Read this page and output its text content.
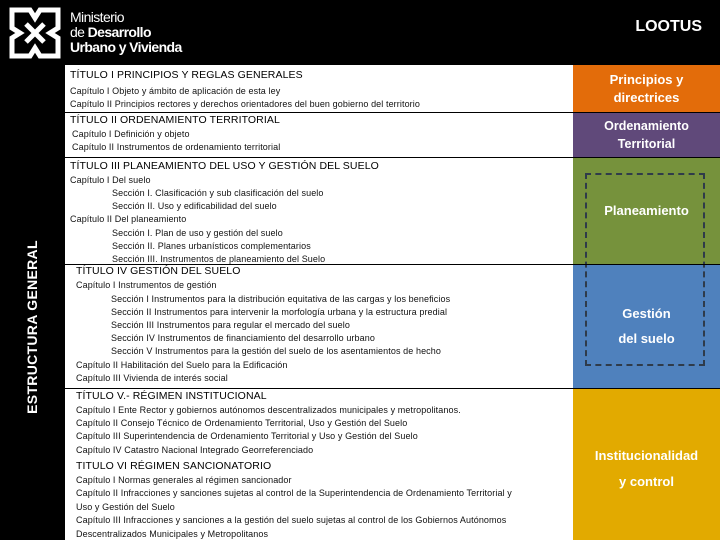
Ministerio
de Desarrollo
Urbano y Vivienda
LOOTUS
ESTRUCTURA GENERAL
Principios y
directrices
Ordenamiento
Territorial
Planeamiento
Gestión
del suelo
Institucionalidad
y control
TÍTULO I PRINCIPIOS Y REGLAS GENERALES
Capítulo I Objeto y ámbito de aplicación de esta ley
Capítulo II Principios rectores y derechos orientadores del buen gobierno del territorio
TÍTULO II ORDENAMIENTO TERRITORIAL
Capítulo I Definición y objeto
Capítulo II Instrumentos de ordenamiento territorial
TÍTULO III PLANEAMIENTO DEL USO Y GESTIÓN DEL SUELO
Capítulo I Del suelo
Sección I. Clasificación y sub clasificación del suelo
Sección II. Uso y edificabilidad del suelo
Capítulo II Del planeamiento
Sección I. Plan de uso y gestión del suelo
Sección II. Planes urbanísticos complementarios
Sección III. Instrumentos de planeamiento del Suelo
TÍTULO IV GESTIÓN DEL SUELO
Capítulo I Instrumentos de gestión
Sección I Instrumentos para la distribución equitativa de las cargas y los beneficios
Sección II Instrumentos para intervenir la morfología urbana y la estructura predial
Sección III Instrumentos para regular el mercado del suelo
Sección IV Instrumentos de financiamiento del desarrollo urbano
Sección V Instrumentos para la gestión del suelo de los asentamientos de hecho
Capítulo II Habilitación del Suelo para la Edificación
Capítulo III Vivienda de interés social
TÍTULO V.- RÉGIMEN INSTITUCIONAL
Capítulo I Ente Rector y gobiernos autónomos descentralizados municipales y metropolitanos.
Capítulo II Consejo Técnico de Ordenamiento Territorial, Uso y Gestión del Suelo
Capítulo III Superintendencia de Ordenamiento Territorial y Uso y Gestión del Suelo
Capítulo IV Catastro Nacional Integrado Georreferenciado
TITULO VI RÉGIMEN SANCIONATORIO
Capítulo I Normas generales al régimen sancionador
Capítulo II Infracciones y sanciones sujetas al control de la Superintendencia de Ordenamiento Territorial y
Uso y Gestión del Suelo
Capítulo III Infracciones y sanciones a la gestión del suelo sujetas al control de los Gobiernos Autónomos
Descentralizados Municipales y Metropolitanos
